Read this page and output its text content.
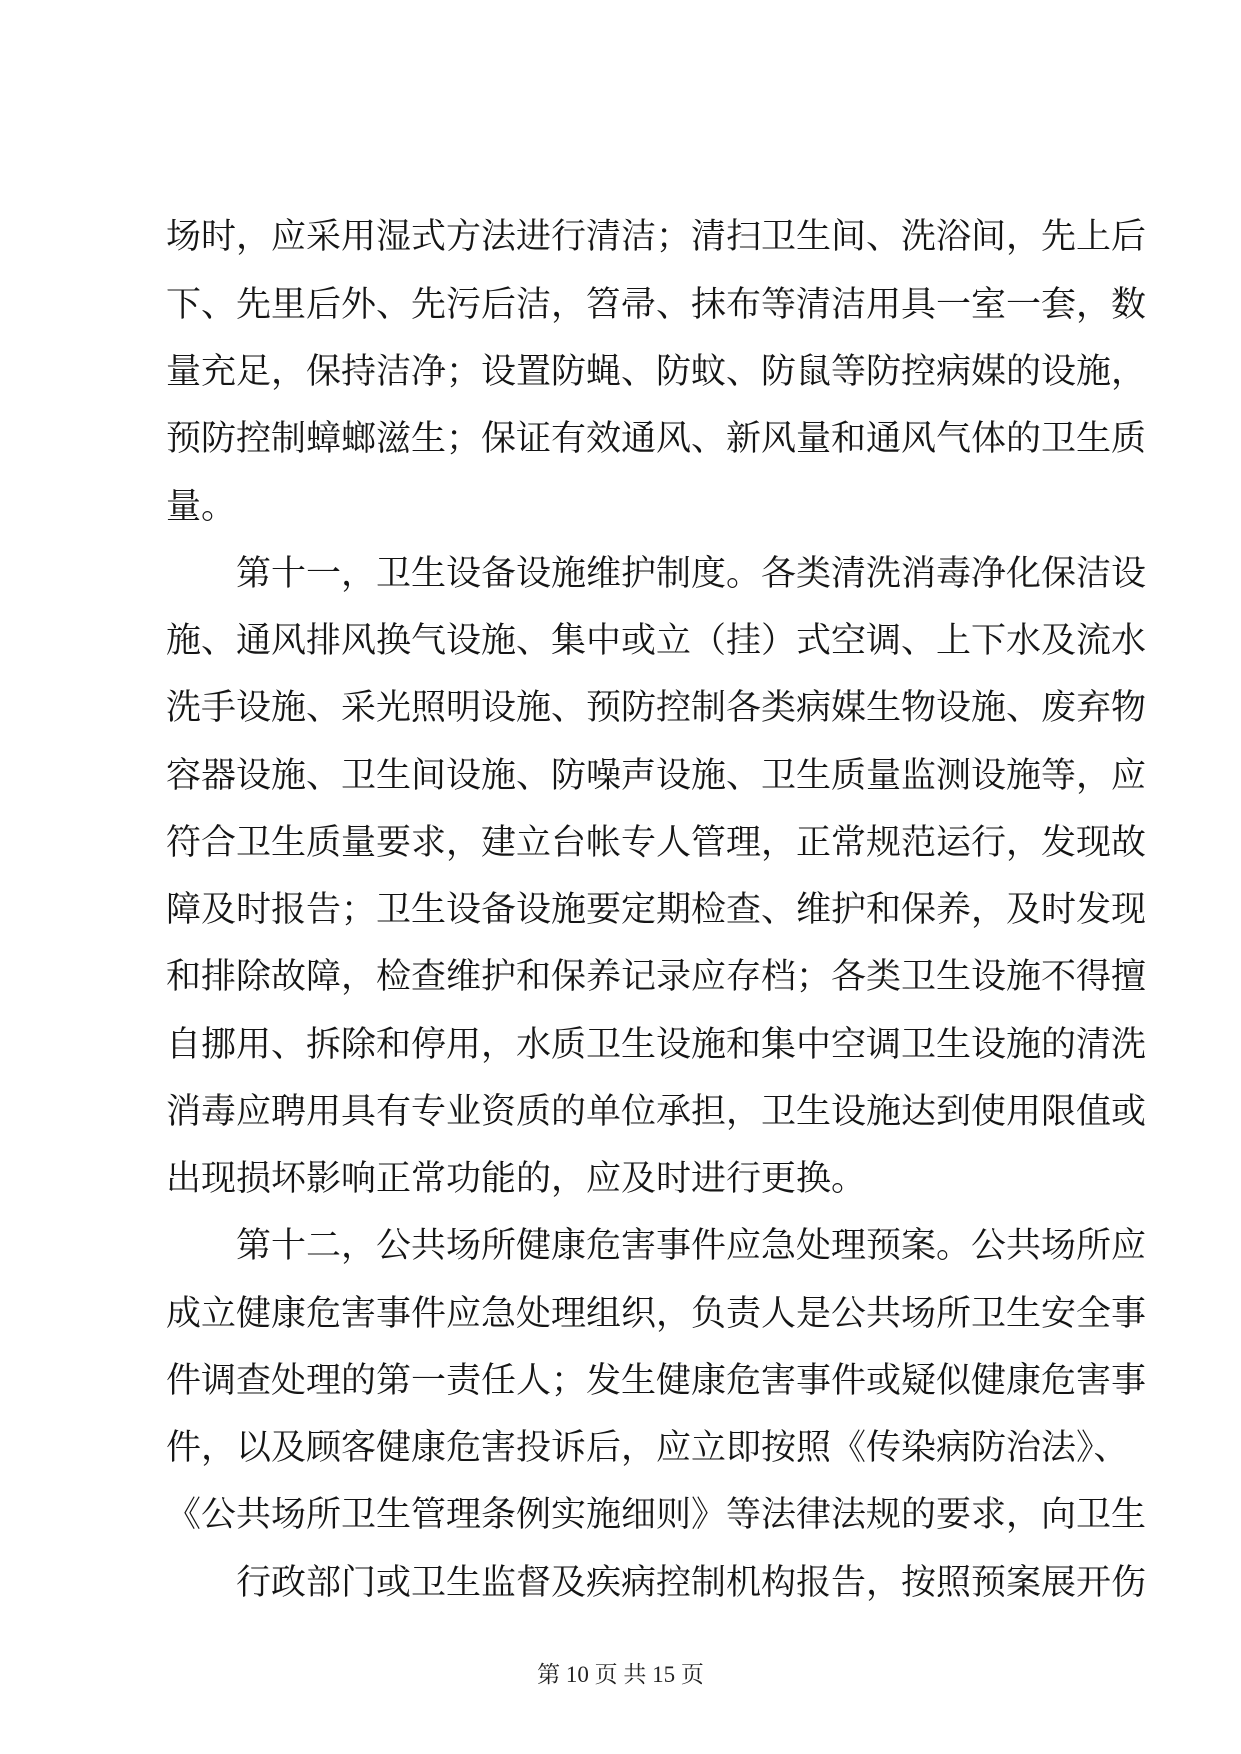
场时，应采用湿式方法进行清洁；清扫卫生间、洗浴间，先上后
下、先里后外、先污后洁，笤帚、抹布等清洁用具一室一套，数
量充足，保持洁净；设置防蝇、防蚊、防鼠等防控病媒的设施，
预防控制蟑螂滋生；保证有效通风、新风量和通风气体的卫生质
量。
第十一，卫生设备设施维护制度。各类清洗消毒净化保洁设
施、通风排风换气设施、集中或立（挂）式空调、上下水及流水
洗手设施、采光照明设施、预防控制各类病媒生物设施、废弃物
容器设施、卫生间设施、防噪声设施、卫生质量监测设施等，应
符合卫生质量要求，建立台帐专人管理，正常规范运行，发现故
障及时报告；卫生设备设施要定期检查、维护和保养，及时发现
和排除故障，检查维护和保养记录应存档；各类卫生设施不得擅
自挪用、拆除和停用，水质卫生设施和集中空调卫生设施的清洗
消毒应聘用具有专业资质的单位承担，卫生设施达到使用限值或
出现损坏影响正常功能的，应及时进行更换。
第十二，公共场所健康危害事件应急处理预案。公共场所应
成立健康危害事件应急处理组织，负责人是公共场所卫生安全事
件调查处理的第一责任人；发生健康危害事件或疑似健康危害事
件，以及顾客健康危害投诉后，应立即按照《传染病防治法》、
《公共场所卫生管理条例实施细则》等法律法规的要求，向卫生
行政部门或卫生监督及疾病控制机构报告，按照预案展开伤
第 10 页 共 15 页
